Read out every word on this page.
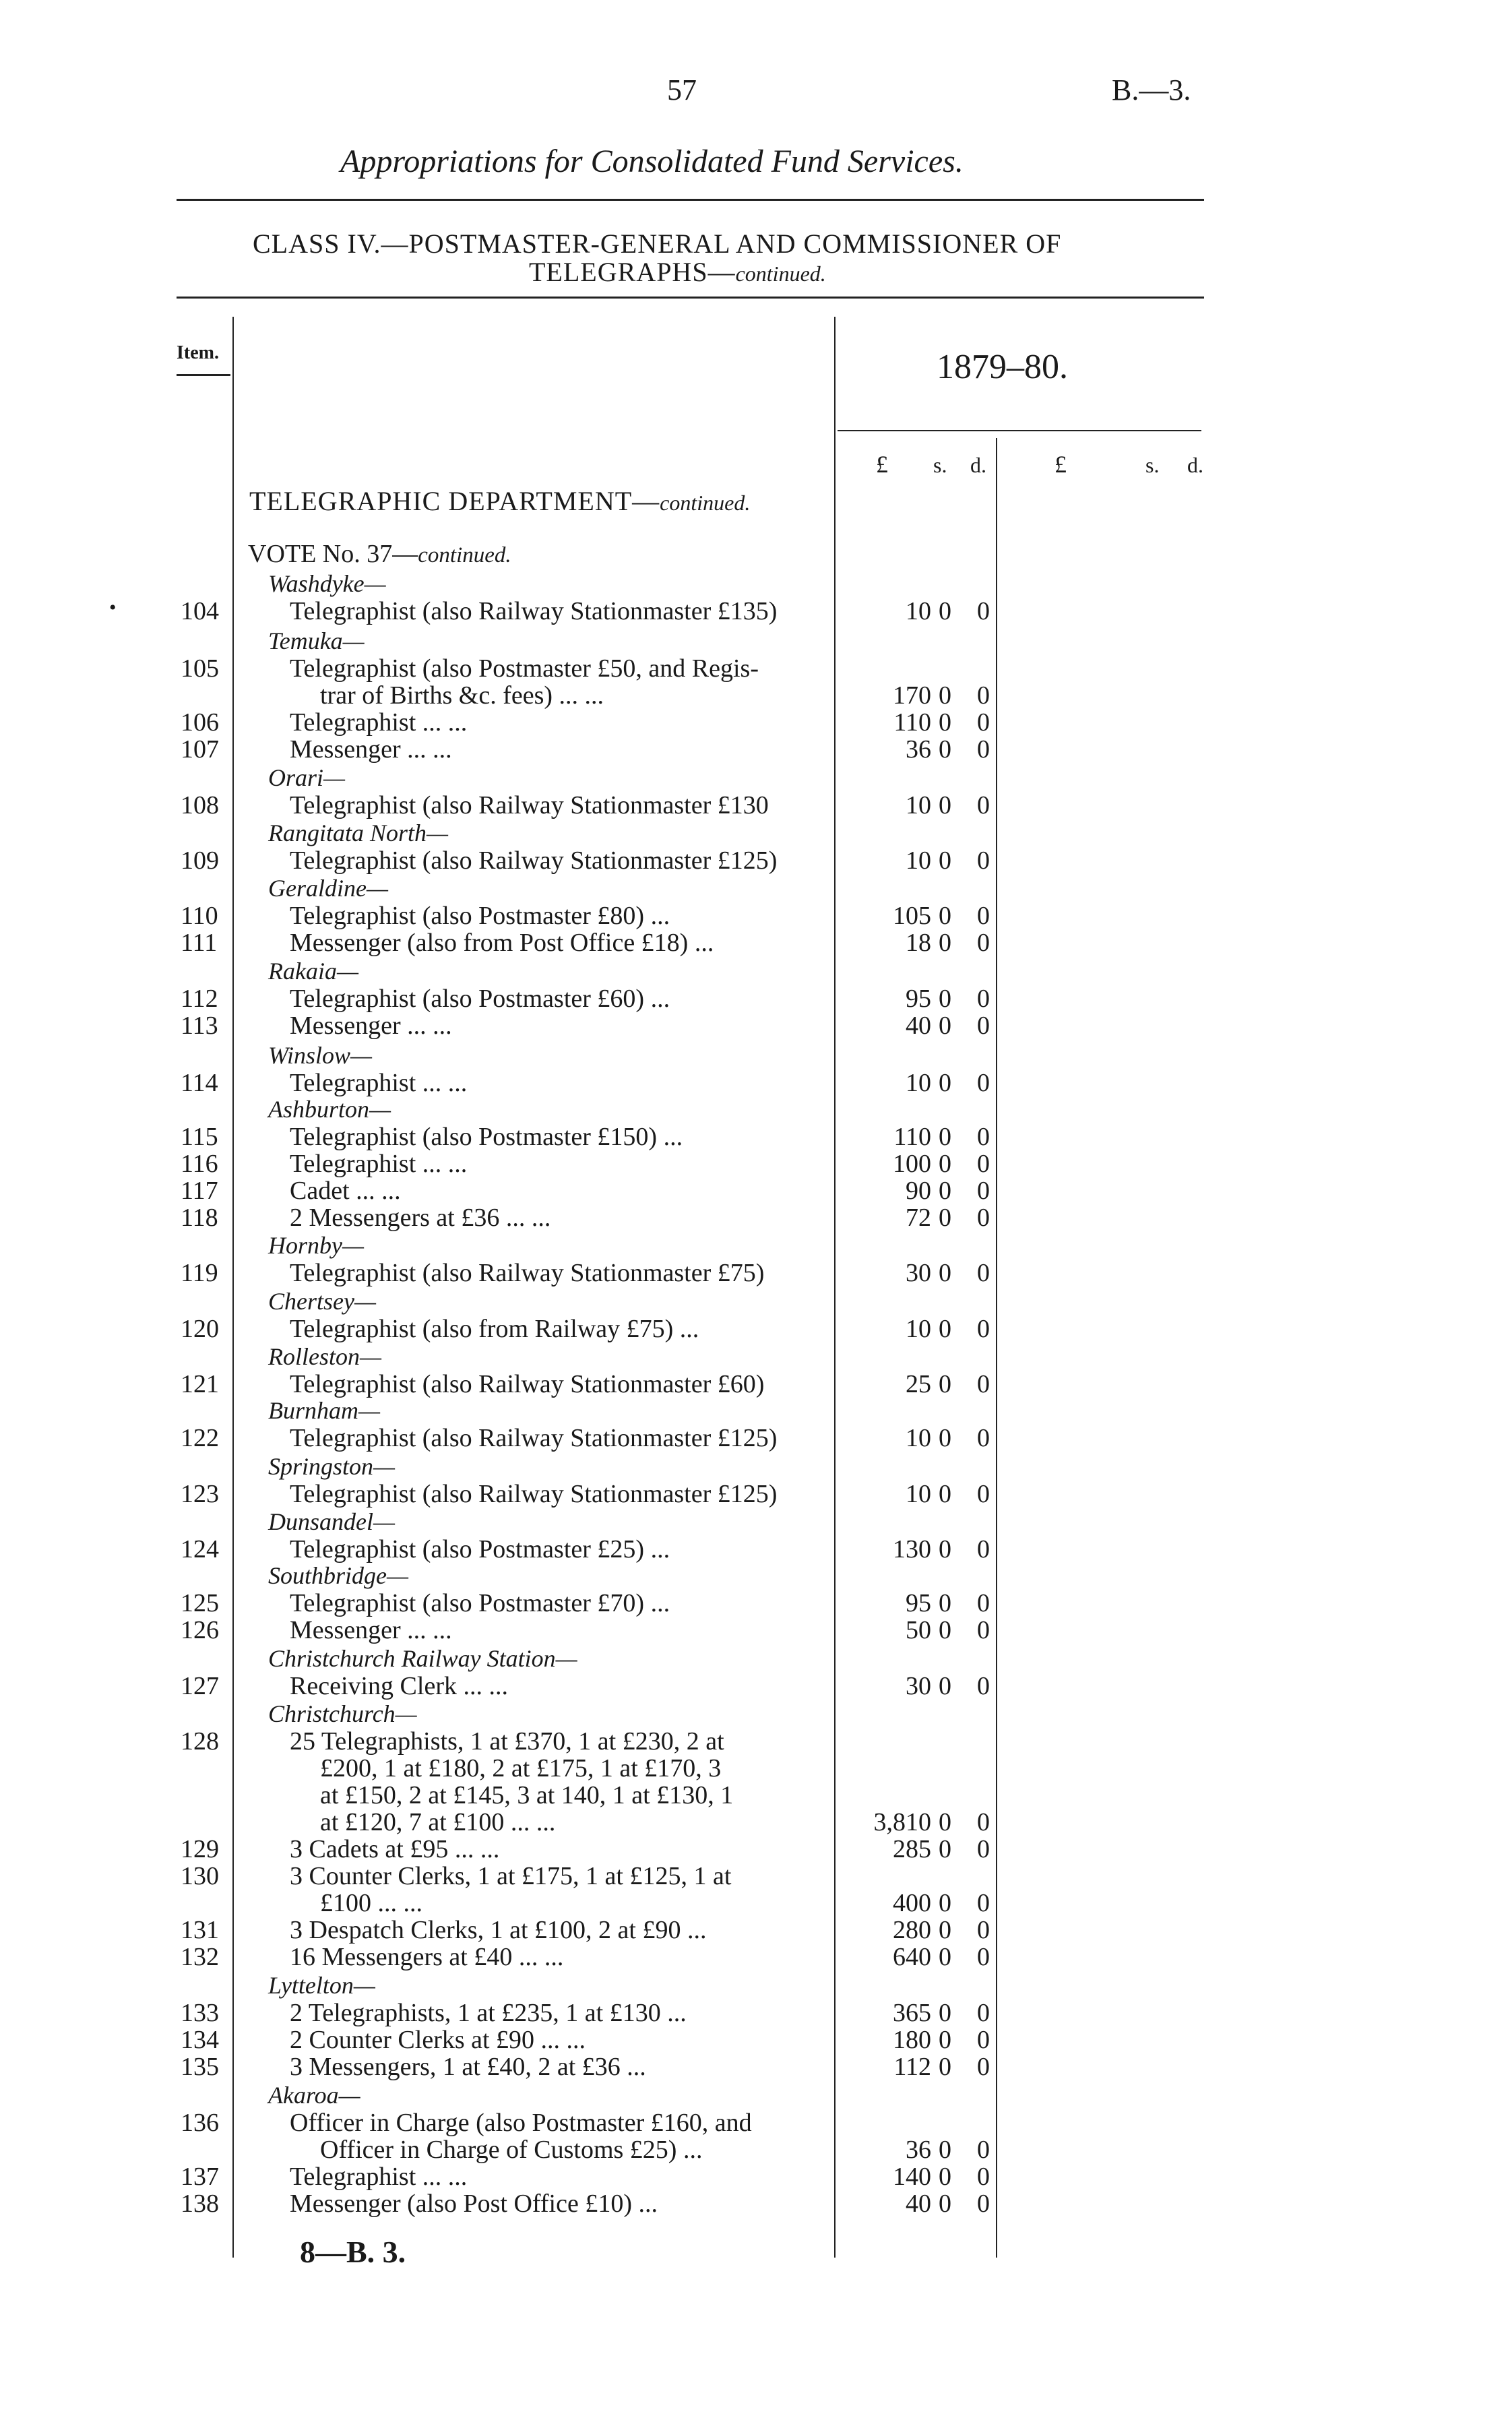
57	B.—3.
Appropriations for Consolidated Fund Services.
CLASS IV.—POSTMASTER-GENERAL AND COMMISSIONER OF
TELEGRAPHS—continued.
Item.	1879–80.
£ s. d.	£	s. d.
TELEGRAPHIC DEPARTMENT—continued.
VOTE No. 37—continued.
Washdyke—
104	Telegraphist (also Railway Stationmaster £135)	10 0 0
Temuka—
105	Telegraphist (also Postmaster £50, and Regis-
trar of Births &c. fees) ... ...	170 0 0
106	Telegraphist ... ...	110 0 0
107	Messenger ... ...	36 0 0
Orari—
108	Telegraphist (also Railway Stationmaster £130	10 0 0
Rangitata North—
109	Telegraphist (also Railway Stationmaster £125)	10 0 0
Geraldine—
110	Telegraphist (also Postmaster £80) ...	105 0 0
111	Messenger (also from Post Office £18) ...	18 0 0
Rakaia—
112	Telegraphist (also Postmaster £60) ...	95 0 0
113	Messenger ... ...	40 0 0
Winslow—
114	Telegraphist ... ...	10 0 0
Ashburton—
115	Telegraphist (also Postmaster £150) ...	110 0 0
116	Telegraphist ... ...	100 0 0
117	Cadet ... ...	90 0 0
118	2 Messengers at £36 ... ...	72 0 0
Hornby—
119	Telegraphist (also Railway Stationmaster £75)	30 0 0
Chertsey—
120	Telegraphist (also from Railway £75) ...	10 0 0
Rolleston—
121	Telegraphist (also Railway Stationmaster £60)	25 0 0
Burnham—
122	Telegraphist (also Railway Stationmaster £125)	10 0 0
Springston—
123	Telegraphist (also Railway Stationmaster £125)	10 0 0
Dunsandel—
124	Telegraphist (also Postmaster £25) ...	130 0 0
Southbridge—
125	Telegraphist (also Postmaster £70) ...	95 0 0
126	Messenger ... ...	50 0 0
Christchurch Railway Station—
127	Receiving Clerk ... ...	30 0 0
Christchurch—
128	25 Telegraphists, 1 at £370, 1 at £230, 2 at
£200, 1 at £180, 2 at £175, 1 at £170, 3
at £150, 2 at £145, 3 at 140, 1 at £130, 1
at £120, 7 at £100 ... ...	3,810 0 0
129	3 Cadets at £95 ... ...	285 0 0
130	3 Counter Clerks, 1 at £175, 1 at £125, 1 at
£100 ... ...	400 0 0
131	3 Despatch Clerks, 1 at £100, 2 at £90 ...	280 0 0
132	16 Messengers at £40 ... ...	640 0 0
Lyttelton—
133	2 Telegraphists, 1 at £235, 1 at £130 ...	365 0 0
134	2 Counter Clerks at £90 ... ...	180 0 0
135	3 Messengers, 1 at £40, 2 at £36 ...	112 0 0
Akaroa—
136	Officer in Charge (also Postmaster £160, and
Officer in Charge of Customs £25) ...	36 0 0
137	Telegraphist ... ...	140 0 0
138	Messenger (also Post Office £10) ...	40 0 0
•
8—B. 3.
